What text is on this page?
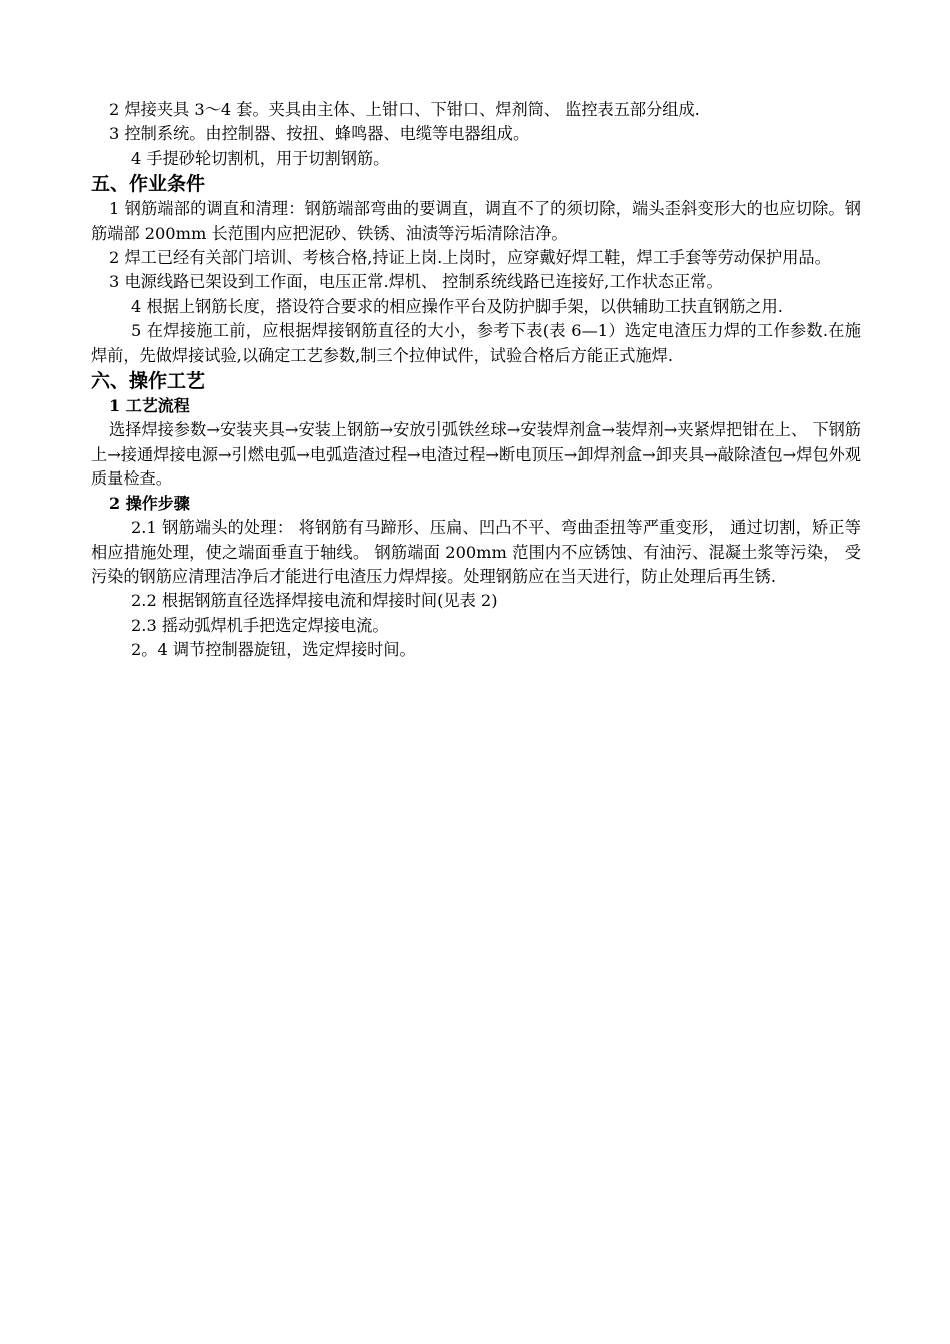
2 焊接夹具 3～4 套。夹具由主体、上钳口、下钳口、焊剂筒、 监控表五部分组成.

3 控制系统。由控制器、按扭、蜂鸣器、电缆等电器组成。

4 手提砂轮切割机，用于切割钢筋。

五、作业条件

1 钢筋端部的调直和清理：钢筋端部弯曲的要调直，调直不了的须切除，端头歪斜变形大的也应切除。钢筋端部 200mm 长范围内应把泥砂、铁锈、油渍等污垢清除洁净。

2 焊工已经有关部门培训、考核合格,持证上岗.上岗时，应穿戴好焊工鞋，焊工手套等劳动保护用品。

3 电源线路已架设到工作面，电压正常.焊机、 控制系统线路已连接好,工作状态正常。

4 根据上钢筋长度，搭设符合要求的相应操作平台及防护脚手架，以供辅助工扶直钢筋之用.

5 在焊接施工前，应根据焊接钢筋直径的大小，参考下表(表 6—1）选定电渣压力焊的工作参数.在施焊前，先做焊接试验,以确定工艺参数,制三个拉伸试件，试验合格后方能正式施焊.

六、操作工艺

1 工艺流程

选择焊接参数→安装夹具→安装上钢筋→安放引弧铁丝球→安装焊剂盒→装焊剂→夹紧焊把钳在上、 下钢筋上→接通焊接电源→引燃电弧→电弧造渣过程→电渣过程→断电顶压→卸焊剂盒→卸夹具→敲除渣包→焊包外观质量检查。

2 操作步骤

2.1 钢筋端头的处理： 将钢筋有马蹄形、压扁、凹凸不平、弯曲歪扭等严重变形， 通过切割，矫正等相应措施处理，使之端面垂直于轴线。 钢筋端面 200mm 范围内不应锈蚀、有油污、混凝土浆等污染， 受污染的钢筋应清理洁净后才能进行电渣压力焊焊接。处理钢筋应在当天进行，防止处理后再生锈.

2.2 根据钢筋直径选择焊接电流和焊接时间(见表 2)

2.3 摇动弧焊机手把选定焊接电流。

2。4 调节控制器旋钮，选定焊接时间。
